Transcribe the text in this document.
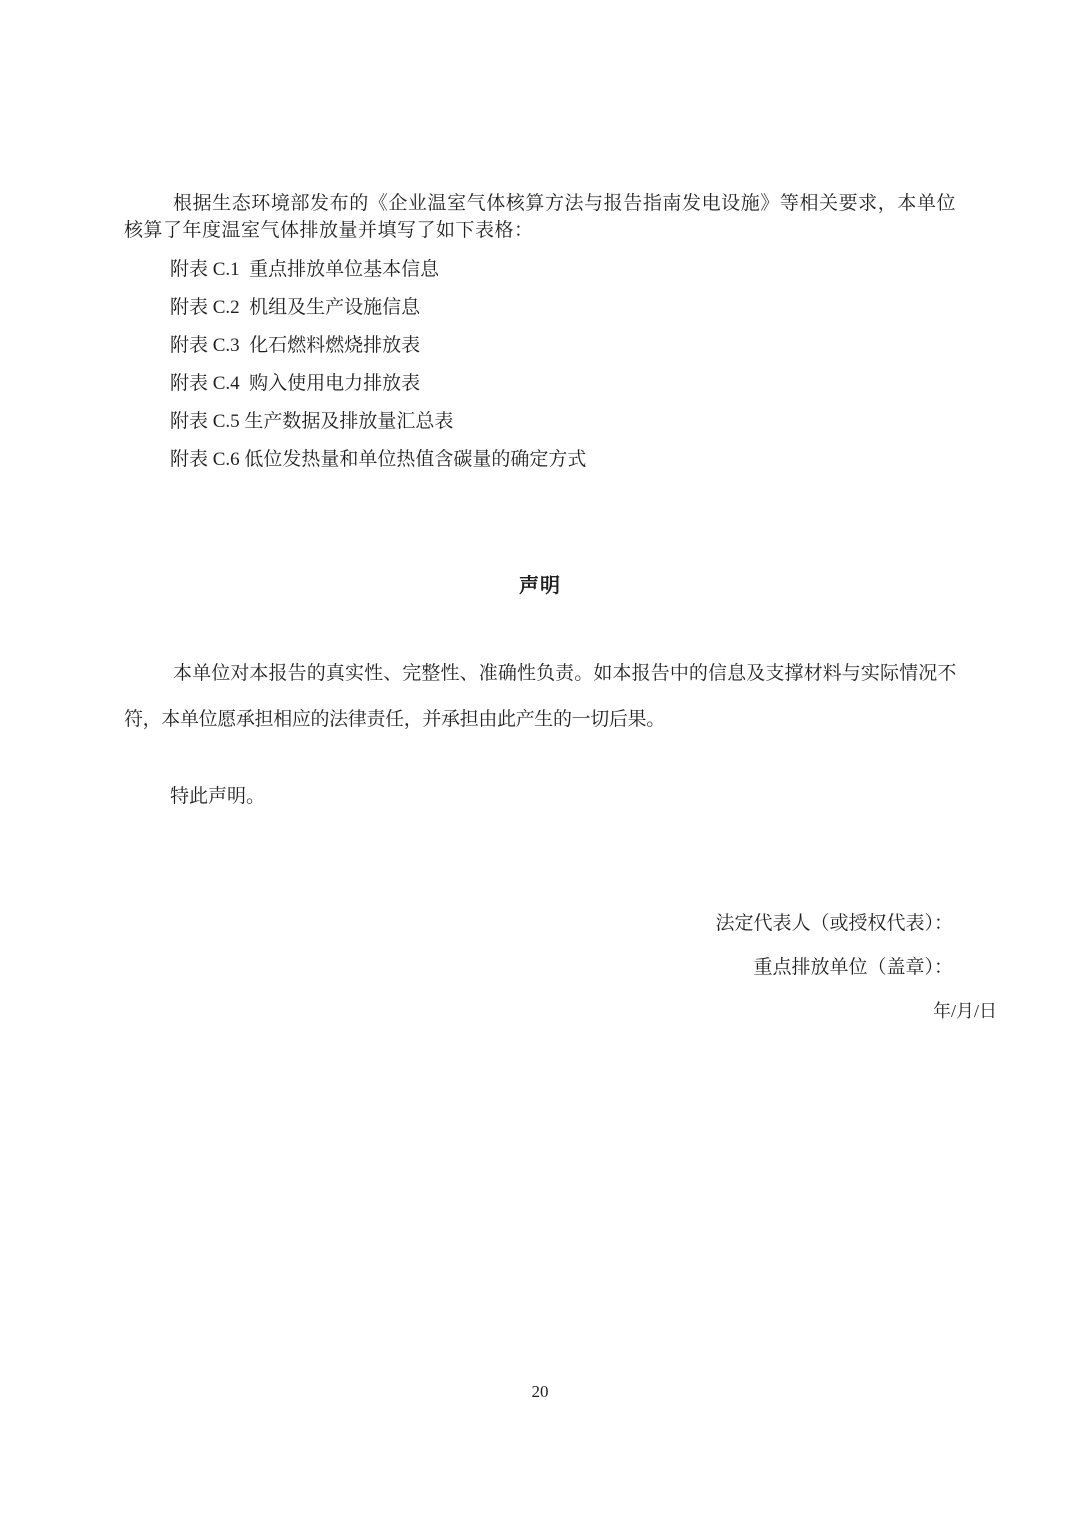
根据生态环境部发布的《企业温室气体核算方法与报告指南发电设施》等相关要求，本单位核算了年度温室气体排放量并填写了如下表格：

附表 C.1  重点排放单位基本信息
附表 C.2  机组及生产设施信息
附表 C.3  化石燃料燃烧排放表
附表 C.4  购入使用电力排放表
附表 C.5 生产数据及排放量汇总表
附表 C.6 低位发热量和单位热值含碳量的确定方式
声明

本单位对本报告的真实性、完整性、准确性负责。如本报告中的信息及支撑材料与实际情况不符，本单位愿承担相应的法律责任，并承担由此产生的一切后果。

特此声明。

法定代表人（或授权代表）：
重点排放单位（盖章）：
年/月/日
20
